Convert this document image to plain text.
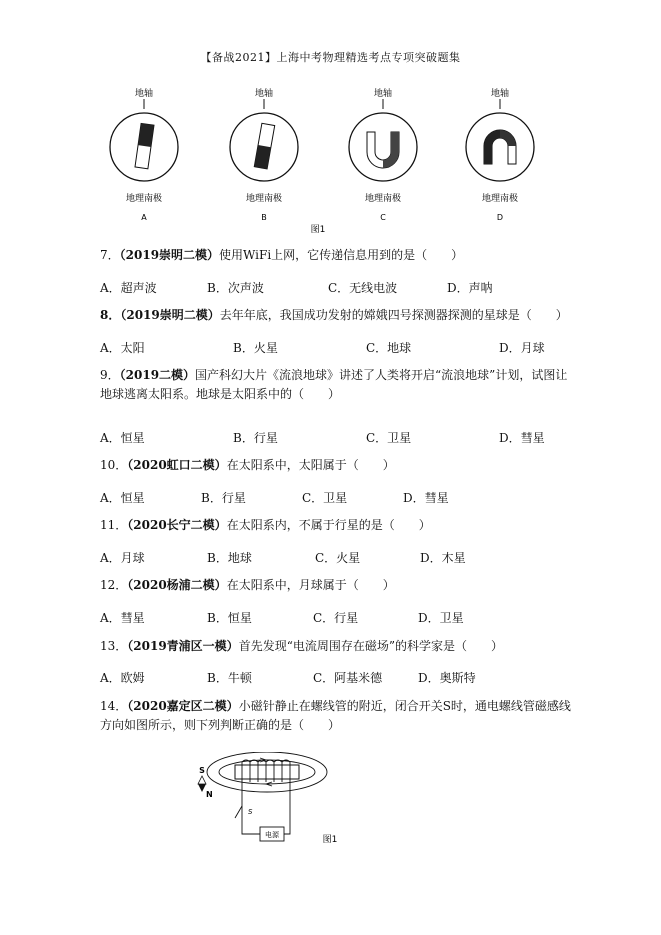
【备战2021】上海中考物理精选考点专项突破题集
地轴
地理南极
A
地轴
地理南极
B
地轴
地理南极
C
地轴
地理南极
D
图1
7．（2019崇明二模）使用WiFi上网，它传递信息用到的是（　　）
A．超声波	B．次声波	C．无线电波	D．声呐
8．（2019崇明二模）去年年底，我国成功发射的嫦娥四号探测器探测的星球是（　　）
A．太阳	B．火星	C．地球	D．月球
9．（2019二模）国产科幻大片《流浪地球》讲述了人类将开启“流浪地球”计划，试图让
地球逃离太阳系。地球是太阳系中的（　　）
A．恒星	B．行星	C．卫星	D．彗星
10．（2020虹口二模）在太阳系中，太阳属于（　　）
A．恒星	B．行星	C．卫星	D．彗星
11．（2020长宁二模）在太阳系内，不属于行星的是（　　）
A．月球	B．地球	C．火星	D．木星
12．（2020杨浦二模）在太阳系中，月球属于（　　）
A．彗星	B．恒星	C．行星	D．卫星
13．（2019青浦区一模）首先发现“电流周围存在磁场”的科学家是（　　）
A．欧姆	B．牛顿	C．阿基米德	D．奥斯特
14．（2020嘉定区二模）小磁针静止在螺线管的附近，闭合开关S时，通电螺线管磁感线
方向如图所示，则下列判断正确的是（　　）
S
N
S
电源	图1
